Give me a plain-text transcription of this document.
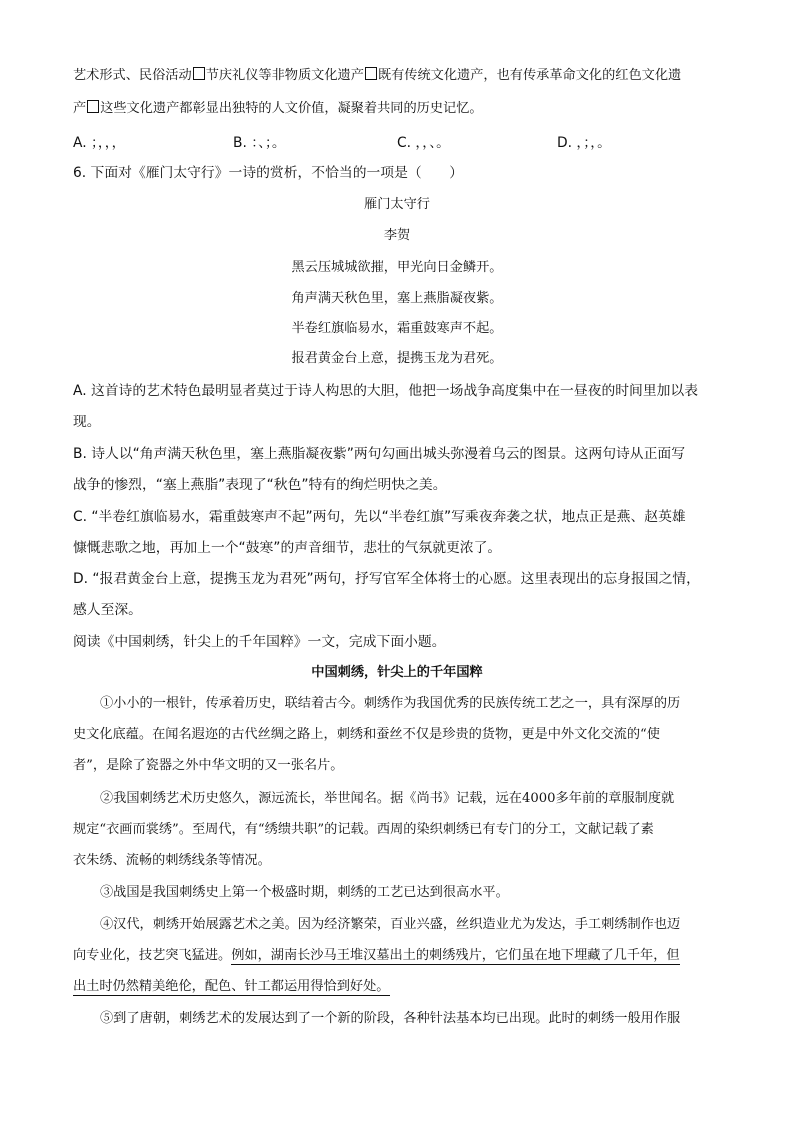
艺术形式、民俗活动 节庆礼仪等非物质文化遗产 既有传统文化遗产，也有传承革命文化的红色文化遗
产 这些文化遗产都彰显出独特的人文价值，凝聚着共同的历史记忆。
A. ；，，，	B. ：、；。	C. ，，、。	D. ，；，。
6. 下面对《雁门太守行》一诗的赏析，不恰当的一项是（　　）
雁门太守行
李贺
黑云压城城欲摧，甲光向日金鳞开。
角声满天秋色里，塞上燕脂凝夜紫。
半卷红旗临易水，霜重鼓寒声不起。
报君黄金台上意，提携玉龙为君死。
A. 这首诗的艺术特色最明显者莫过于诗人构思的大胆，他把一场战争高度集中在一昼夜的时间里加以表
现。
B. 诗人以“角声满天秋色里，塞上燕脂凝夜紫”两句勾画出城头弥漫着乌云的图景。这两句诗从正面写
战争的惨烈，“塞上燕脂”表现了“秋色”特有的绚烂明快之美。
C. “半卷红旗临易水，霜重鼓寒声不起”两句，先以“半卷红旗”写乘夜奔袭之状，地点正是燕、赵英雄
慷慨悲歌之地，再加上一个“鼓寒”的声音细节，悲壮的气氛就更浓了。
D. “报君黄金台上意，提携玉龙为君死”两句，抒写官军全体将士的心愿。这里表现出的忘身报国之情，
感人至深。
阅读《中国刺绣，针尖上的千年国粹》一文，完成下面小题。
中国刺绣，针尖上的千年国粹
①小小的一根针，传承着历史，联结着古今。刺绣作为我国优秀的民族传统工艺之一，具有深厚的历
史文化底蕴。在闻名遐迩的古代丝绸之路上，刺绣和蚕丝不仅是珍贵的货物，更是中外文化交流的“使
者”，是除了瓷器之外中华文明的又一张名片。
②我国刺绣艺术历史悠久，源远流长，举世闻名。据《尚书》记载，远在4000多年前的章服制度就
规定“衣画而裳绣”。至周代，有“绣缋共职”的记载。西周的染织刺绣已有专门的分工，文献记载了素
衣朱绣、流畅的刺绣线条等情况。
③战国是我国刺绣史上第一个极盛时期，刺绣的工艺已达到很高水平。
④汉代，刺绣开始展露艺术之美。因为经济繁荣，百业兴盛，丝织造业尤为发达，手工刺绣制作也迈
向专业化，技艺突飞猛进。例如，湖南长沙马王堆汉墓出土的刺绣残片，它们虽在地下埋藏了几千年，但
出土时仍然精美绝伦，配色、针工都运用得恰到好处。
⑤到了唐朝，刺绣艺术的发展达到了一个新的阶段，各种针法基本均已出现。此时的刺绣一般用作服
